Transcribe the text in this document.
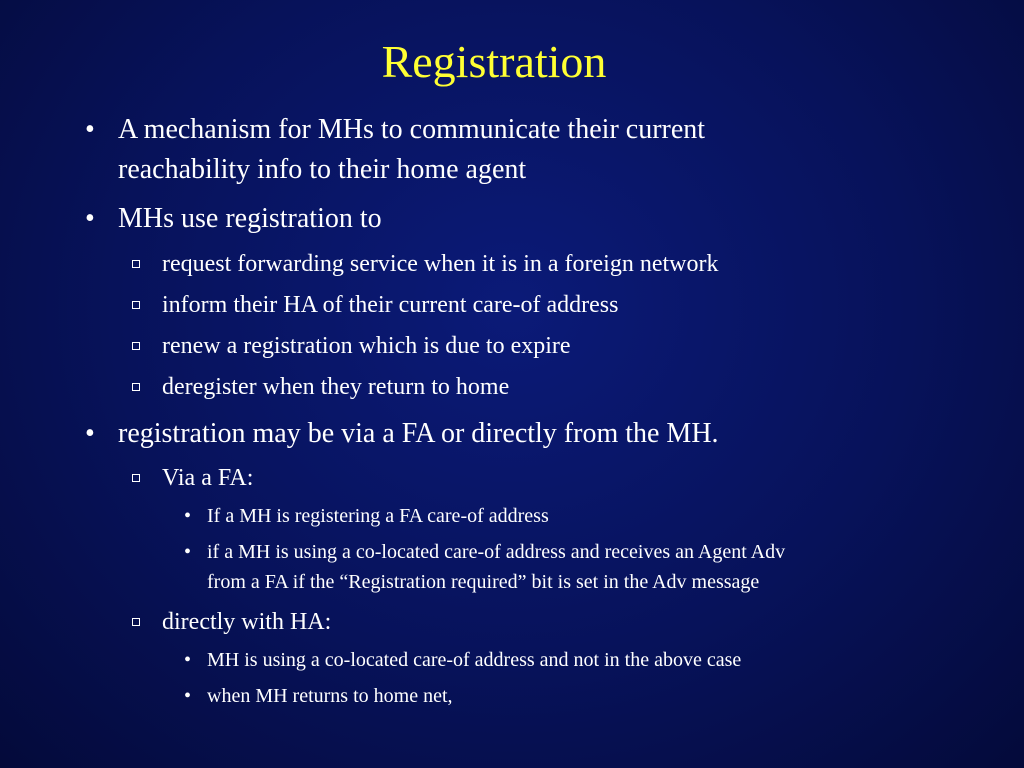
Registration
• A mechanism for MHs to communicate their current
reachability info to their home agent
• MHs use registration to
request forwarding service when it is in a foreign network
inform their HA of their current care-of address
renew a registration which is due to expire
deregister when they return to home
• registration may be via a FA or directly from the MH.
Via a FA:
• If a MH is registering a FA care-of address
• if a MH is using a co-located care-of address and receives an Agent Adv
from a FA if the “Registration required” bit is set in the Adv message
directly with HA:
• MH is using a co-located care-of address and not in the above case
• when MH returns to home net,
